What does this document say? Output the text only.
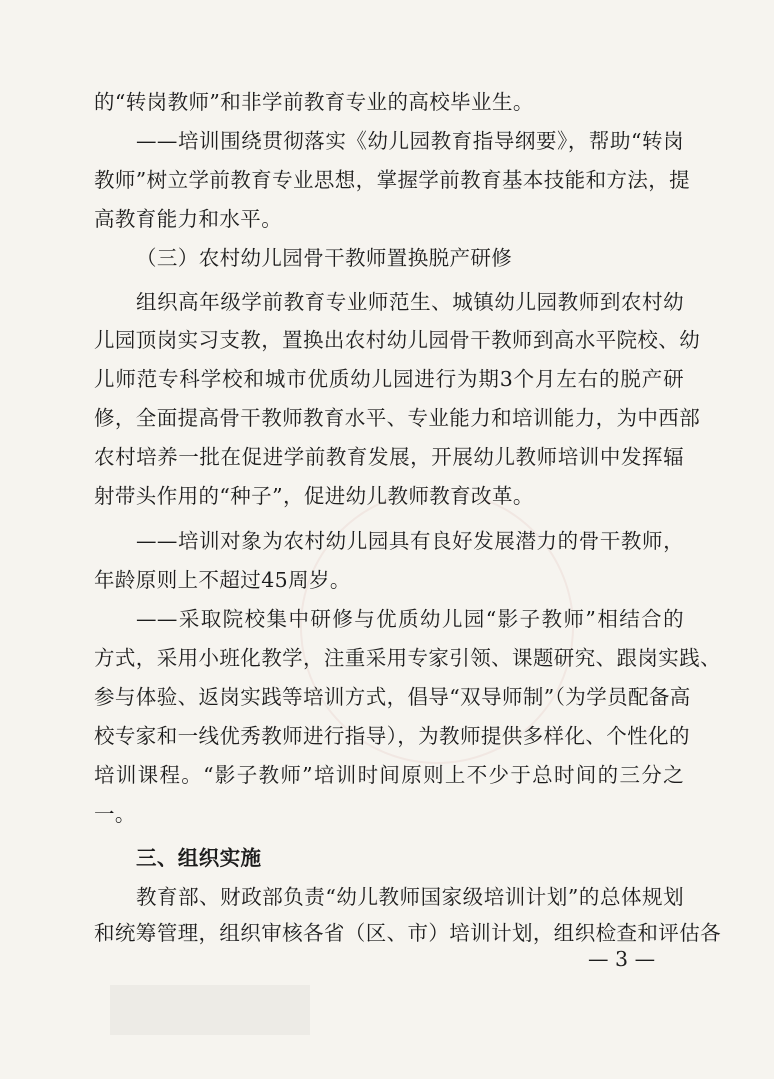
的“转岗教师”和非学前教育专业的高校毕业生。
——培训围绕贯彻落实《幼儿园教育指导纲要》，帮助“转岗
教师”树立学前教育专业思想，掌握学前教育基本技能和方法，提
高教育能力和水平。
（三）农村幼儿园骨干教师置换脱产研修
组织高年级学前教育专业师范生、城镇幼儿园教师到农村幼
儿园顶岗实习支教，置换出农村幼儿园骨干教师到高水平院校、幼
儿师范专科学校和城市优质幼儿园进行为期3个月左右的脱产研
修，全面提高骨干教师教育水平、专业能力和培训能力，为中西部
农村培养一批在促进学前教育发展，开展幼儿教师培训中发挥辐
射带头作用的“种子”，促进幼儿教师教育改革。
——培训对象为农村幼儿园具有良好发展潜力的骨干教师，
年龄原则上不超过45周岁。
——采取院校集中研修与优质幼儿园“影子教师”相结合的
方式，采用小班化教学，注重采用专家引领、课题研究、跟岗实践、
参与体验、返岗实践等培训方式，倡导“双导师制”（为学员配备高
校专家和一线优秀教师进行指导），为教师提供多样化、个性化的
培训课程。“影子教师”培训时间原则上不少于总时间的三分之
一。
三、组织实施
教育部、财政部负责“幼儿教师国家级培训计划”的总体规划
和统筹管理，组织审核各省（区、市）培训计划，组织检查和评估各
— 3 —
